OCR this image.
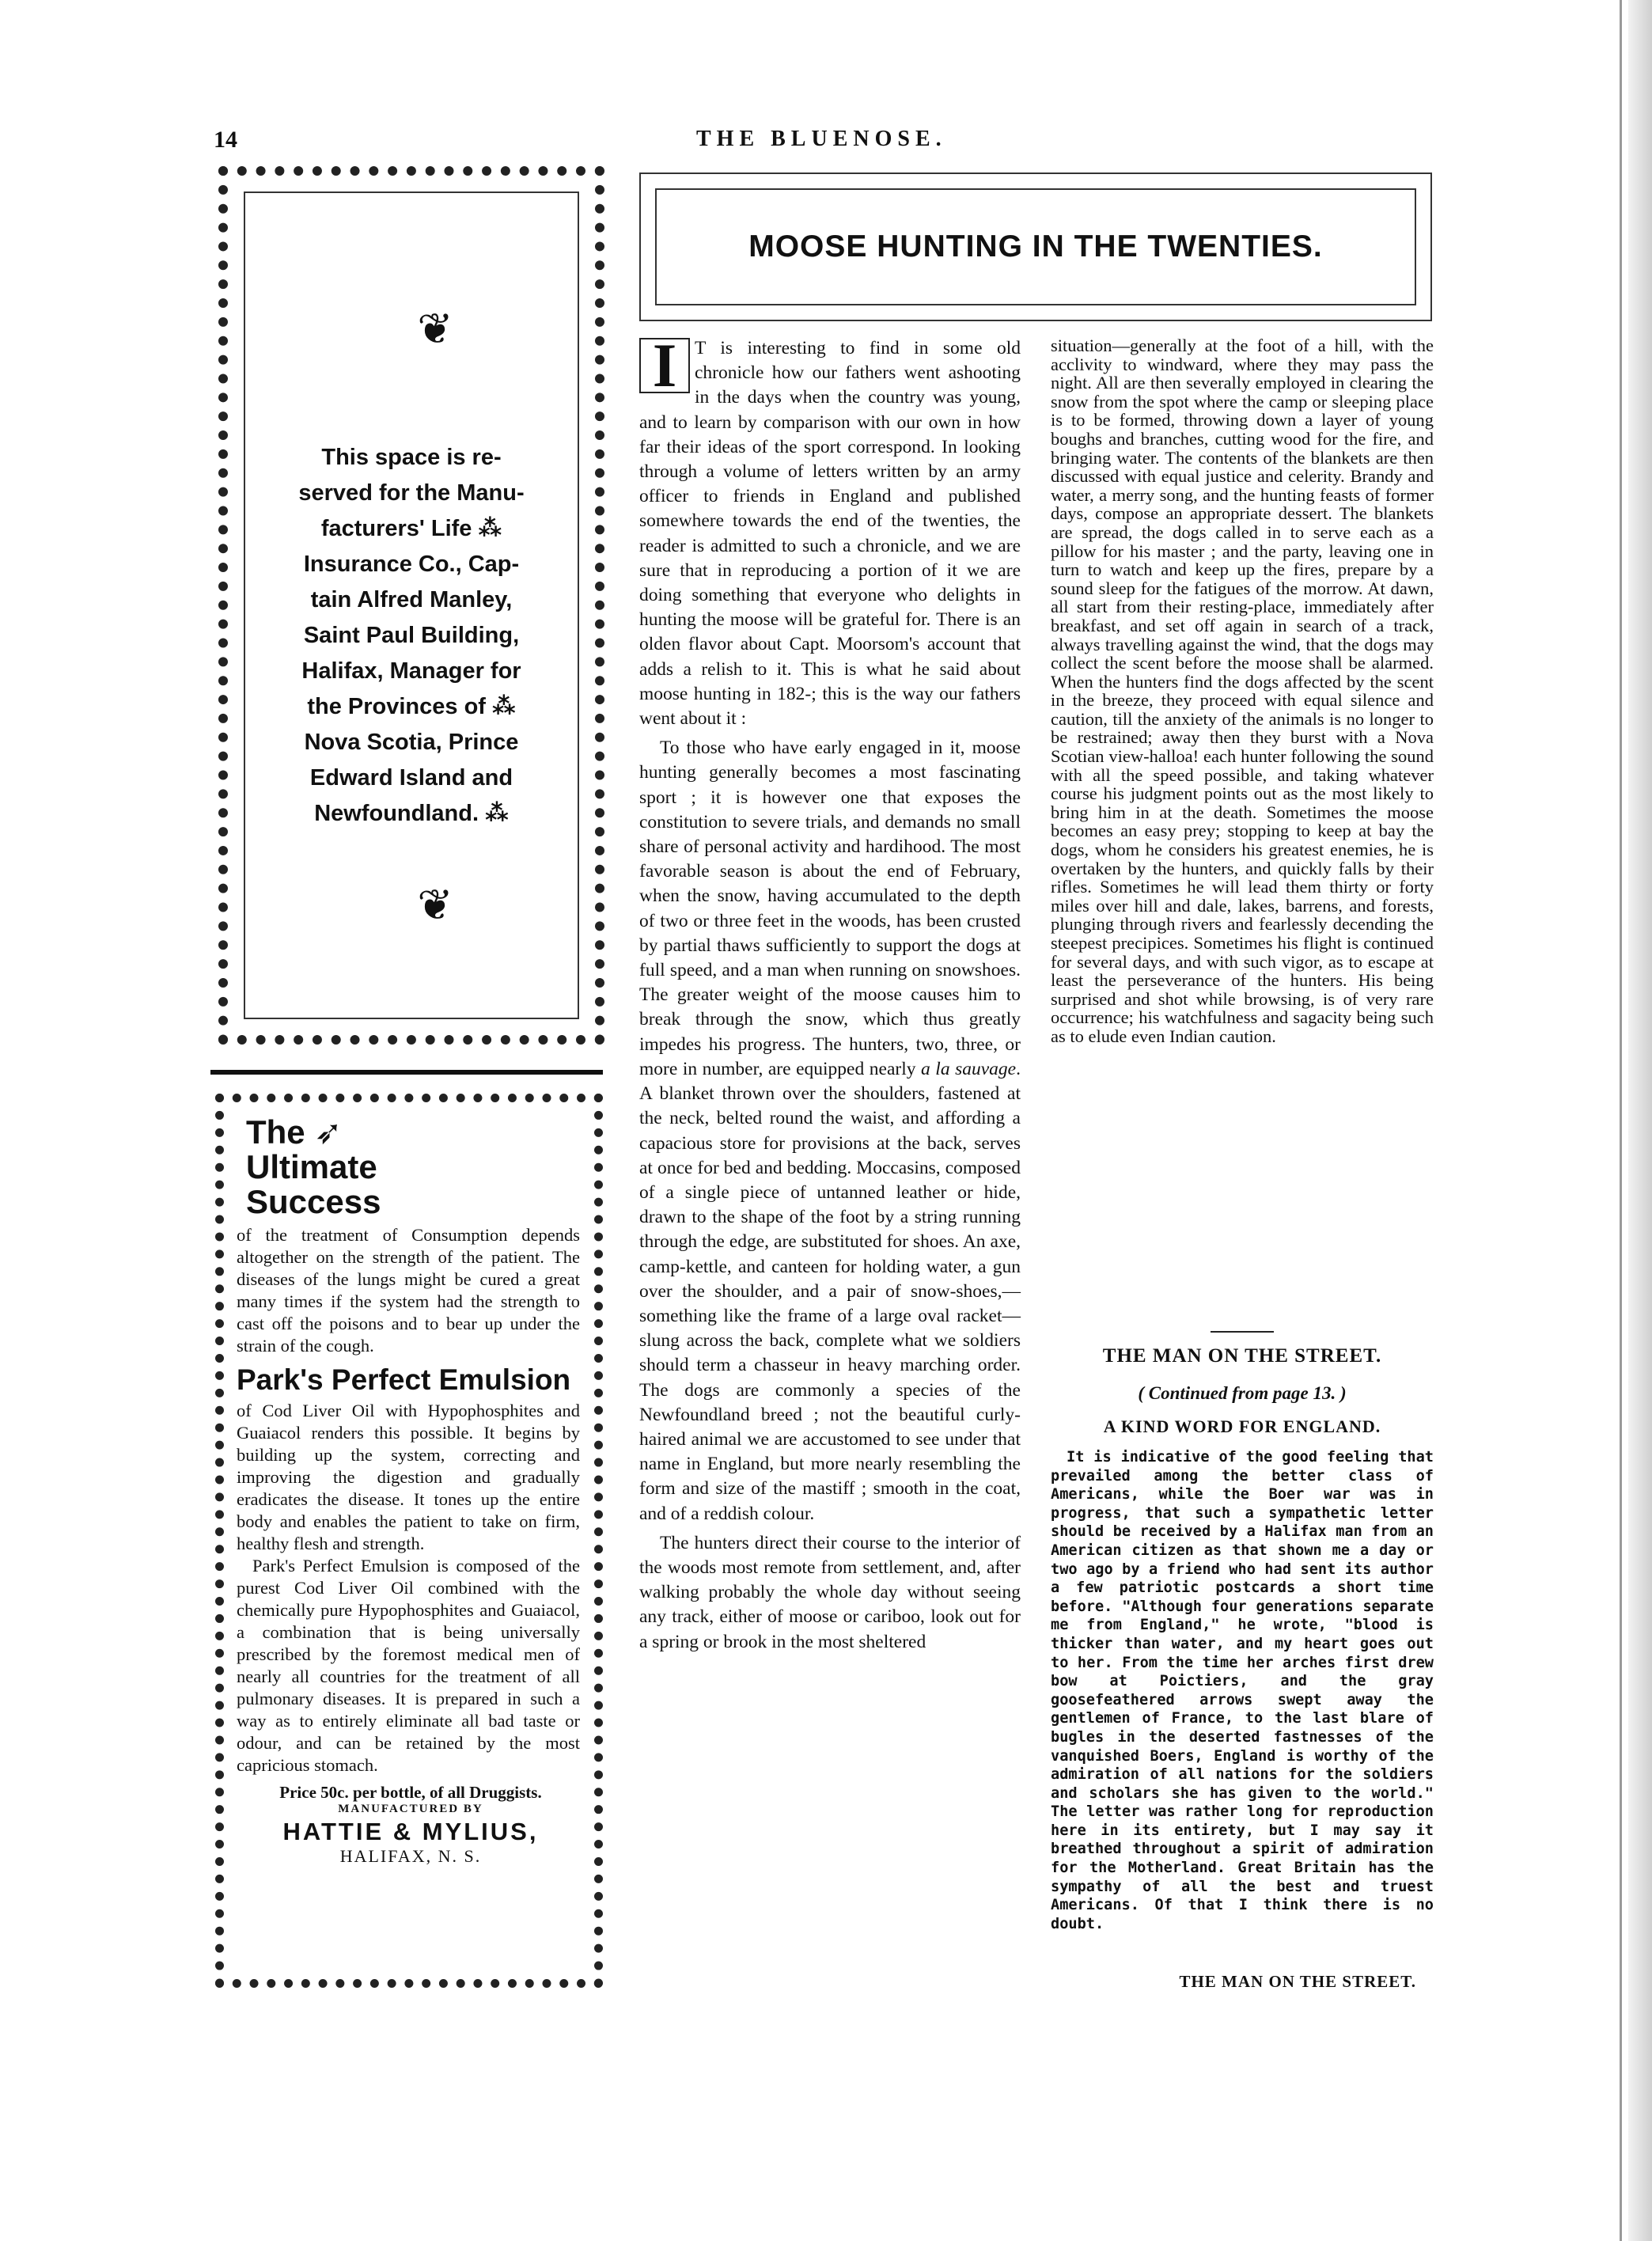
14	THE BLUENOSE.
❦

This space is re-

served for the Manu-

facturers' Life ⁂

Insurance Co., Cap-

tain Alfred Manley,

Saint Paul Building,

Halifax, Manager for

the Provinces of ⁂

Nova Scotia, Prince

Edward Island and

Newfoundland. ⁂

❦
The ➶
Ultimate
Success

of the treatment of Consumption depends altogether on the strength of the patient. The diseases of the lungs might be cured a great many times if the system had the strength to cast off the poisons and to bear up under the strain of the cough.

Park's Perfect Emulsion

of Cod Liver Oil with Hypophosphites and Guaiacol renders this possible. It begins by building up the system, correcting and improving the digestion and gradually eradicates the disease. It tones up the entire body and enables the patient to take on firm, healthy flesh and strength.

Park's Perfect Emulsion is composed of the purest Cod Liver Oil combined with the chemically pure Hypophosphites and Guaiacol, a combination that is being universally prescribed by the foremost medical men of nearly all countries for the treatment of all pulmonary diseases. It is prepared in such a way as to entirely eliminate all bad taste or odour, and can be retained by the most capricious stomach.

Price 50c. per bottle, of all Druggists.
MANUFACTURED BY
HATTIE & MYLIUS,
HALIFAX, N. S.
MOOSE HUNTING IN THE TWENTIES.

I T is interesting to find in some old chronicle how our fathers went ashooting in the days when the country was young, and to learn by comparison with our own in how far their ideas of the sport correspond. In looking through a volume of letters written by an army officer to friends in England and published somewhere towards the end of the twenties, the reader is admitted to such a chronicle, and we are sure that in reproducing a portion of it we are doing something that everyone who delights in hunting the moose will be grateful for. There is an olden flavor about Capt. Moorsom's account that adds a relish to it. This is what he said about moose hunting in 182-; this is the way our fathers went about it :

To those who have early engaged in it, moose hunting generally becomes a most fascinating sport ; it is however one that exposes the constitution to severe trials, and demands no small share of personal activity and hardihood. The most favorable season is about the end of February, when the snow, having accumulated to the depth of two or three feet in the woods, has been crusted by partial thaws sufficiently to support the dogs at full speed, and a man when running on snowshoes. The greater weight of the moose causes him to break through the snow, which thus greatly impedes his progress. The hunters, two, three, or more in number, are equipped nearly a la sauvage. A blanket thrown over the shoulders, fastened at the neck, belted round the waist, and affording a capacious store for provisions at the back, serves at once for bed and bedding. Moccasins, composed of a single piece of untanned leather or hide, drawn to the shape of the foot by a string running through the edge, are substituted for shoes. An axe, camp-kettle, and canteen for holding water, a gun over the shoulder, and a pair of snow-shoes,—something like the frame of a large oval racket—slung across the back, complete what we soldiers should term a chasseur in heavy marching order. The dogs are commonly a species of the Newfoundland breed ; not the beautiful curly-haired animal we are accustomed to see under that name in England, but more nearly resembling the form and size of the mastiff ; smooth in the coat, and of a reddish colour.

The hunters direct their course to the interior of the woods most remote from settlement, and, after walking probably the whole day without seeing any track, either of moose or cariboo, look out for a spring or brook in the most sheltered

situation—generally at the foot of a hill, with the acclivity to windward, where they may pass the night. All are then severally employed in clearing the snow from the spot where the camp or sleeping place is to be formed, throwing down a layer of young boughs and branches, cutting wood for the fire, and bringing water. The contents of the blankets are then discussed with equal justice and celerity. Brandy and water, a merry song, and the hunting feasts of former days, compose an appropriate dessert. The blankets are spread, the dogs called in to serve each as a pillow for his master ; and the party, leaving one in turn to watch and keep up the fires, prepare by a sound sleep for the fatigues of the morrow. At dawn, all start from their resting-place, immediately after breakfast, and set off again in search of a track, always travelling against the wind, that the dogs may collect the scent before the moose shall be alarmed. When the hunters find the dogs affected by the scent in the breeze, they proceed with equal silence and caution, till the anxiety of the animals is no longer to be restrained; away then they burst with a Nova Scotian view-halloa! each hunter following the sound with all the speed possible, and taking whatever course his judgment points out as the most likely to bring him in at the death. Sometimes the moose becomes an easy prey; stopping to keep at bay the dogs, whom he considers his greatest enemies, he is overtaken by the hunters, and quickly falls by their rifles. Sometimes he will lead them thirty or forty miles over hill and dale, lakes, barrens, and forests, plunging through rivers and fearlessly decending the steepest precipices. Sometimes his flight is continued for several days, and with such vigor, as to escape at least the perseverance of the hunters. His being surprised and shot while browsing, is of very rare occurrence; his watchfulness and sagacity being such as to elude even Indian caution.

THE MAN ON THE STREET.
( Continued from page 13. )
A KIND WORD FOR ENGLAND.

It is indicative of the good feeling that prevailed among the better class of Americans, while the Boer war was in progress, that such a sympathetic letter should be received by a Halifax man from an American citizen as that shown me a day or two ago by a friend who had sent its author a few patriotic postcards a short time before. "Although four generations separate me from England," he wrote, "blood is thicker than water, and my heart goes out to her. From the time her arches first drew bow at Poictiers, and the gray goosefeathered arrows swept away the gentlemen of France, to the last blare of bugles in the deserted fastnesses of the vanquished Boers, England is worthy of the admiration of all nations for the soldiers and scholars she has given to the world." The letter was rather long for reproduction here in its entirety, but I may say it breathed throughout a spirit of admiration for the Motherland. Great Britain has the sympathy of all the best and truest Americans. Of that I think there is no doubt.

THE MAN ON THE STREET.
